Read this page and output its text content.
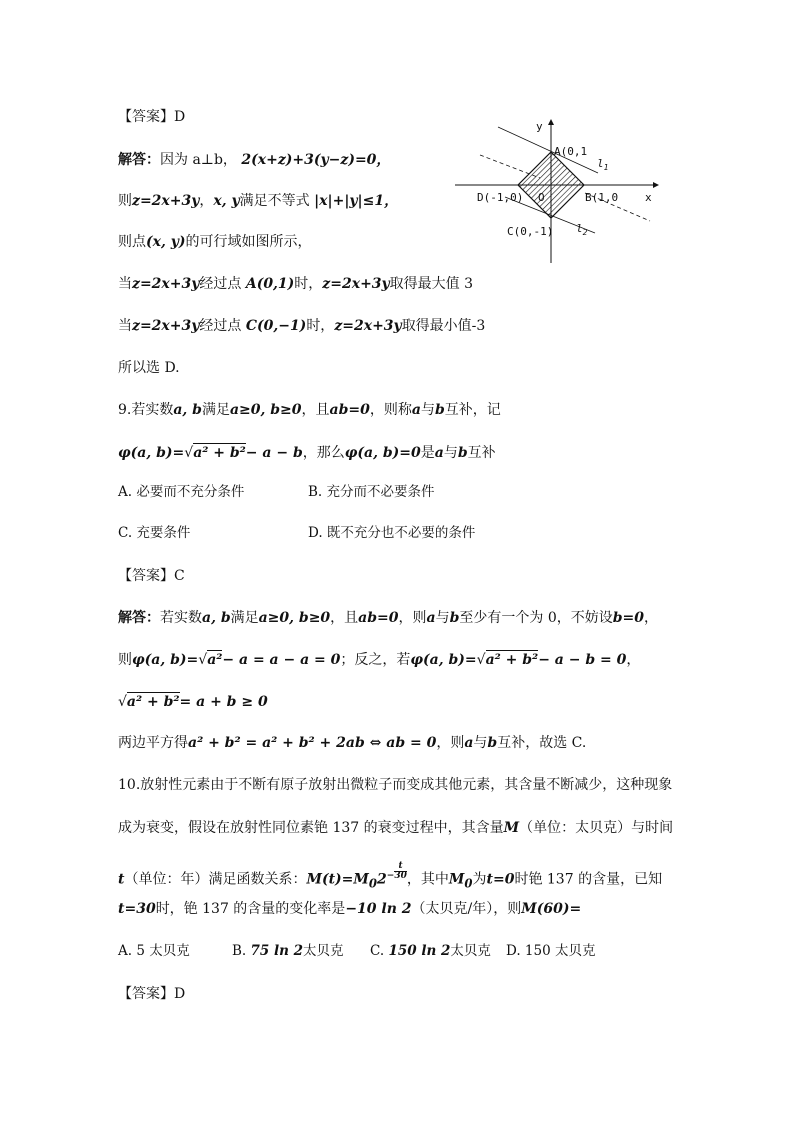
【答案】D
解答：因为 a⊥b， 2(x+z)+3(y−z)=0，
则z=2x+3y，x, y满足不等式 |x|+|y|≤1，
则点(x, y)的可行域如图所示，
当z=2x+3y经过点 A(0,1)时，z=2x+3y取得最大值 3
当z=2x+3y经过点 C(0,−1)时，z=2x+3y取得最小值-3
所以选 D.
y
x
A(0,1
B(1,0
C(0,-1)
D(-1,0) O
$l_1$
$l_2$
9.若实数a, b满足a≥0, b≥0，且ab=0，则称a与b互补，记
φ(a, b)=√a² + b²− a − b，那么φ(a, b)=0是a与b互补
A. 必要而不充分条件	B. 充分而不必要条件
C. 充要条件	D. 既不充分也不必要的条件
【答案】C
解答：若实数a, b满足a≥0, b≥0，且ab=0，则a与b至少有一个为 0，不妨设b=0，
则φ(a, b)=√a²− a = a − a = 0；反之，若φ(a, b)=√a² + b²− a − b = 0，
√a² + b²= a + b ≥ 0
两边平方得a² + b² = a² + b² + 2ab ⇔ ab = 0，则a与b互补，故选 C.
10.放射性元素由于不断有原子放射出微粒子而变成其他元素，其含量不断减少，这种现象
成为衰变，假设在放射性同位素铯 137 的衰变过程中，其含量M（单位：太贝克）与时间
t（单位：年）满足函数关系：$M(t)=M_02- \frac{t}{30}$ ，其中$M_0$为t=0时铯 137 的含量，已知
t=30时，铯 137 的含量的变化率是−10 ln 2（太贝克/年），则M(60)=
A. 5 太贝克	B. 75 ln 2太贝克 C. 150 ln 2太贝克 D. 150 太贝克
【答案】D
